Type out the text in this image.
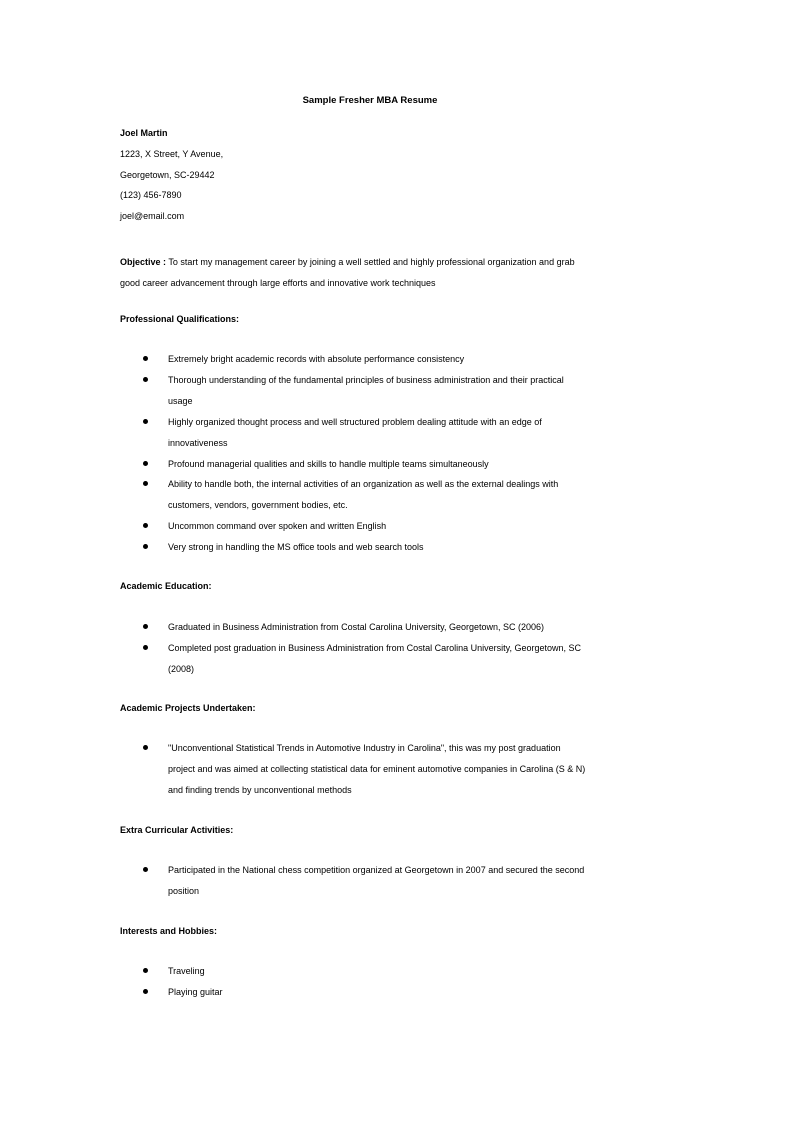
Sample Fresher MBA Resume
Joel Martin
1223, X Street, Y Avenue,
Georgetown, SC-29442
(123) 456-7890
joel@email.com
Objective : To start my management career by joining a well settled and highly professional organization and grab good career advancement through large efforts and innovative work techniques
Professional Qualifications:
Extremely bright academic records with absolute performance consistency
Thorough understanding of the fundamental principles of business administration and their practical usage
Highly organized thought process and well structured problem dealing attitude with an edge of innovativeness
Profound managerial qualities and skills to handle multiple teams simultaneously
Ability to handle both, the internal activities of an organization as well as the external dealings with customers, vendors, government bodies, etc.
Uncommon command over spoken and written English
Very strong in handling the MS office tools and web search tools
Academic Education:
Graduated in Business Administration from Costal Carolina University, Georgetown, SC (2006)
Completed post graduation in Business Administration from Costal Carolina University, Georgetown, SC (2008)
Academic Projects Undertaken:
"Unconventional Statistical Trends in Automotive Industry in Carolina", this was my post graduation project and was aimed at collecting statistical data for eminent automotive companies in Carolina (S & N) and finding trends by unconventional methods
Extra Curricular Activities:
Participated in the National chess competition organized at Georgetown in 2007 and secured the second position
Interests and Hobbies:
Traveling
Playing guitar
